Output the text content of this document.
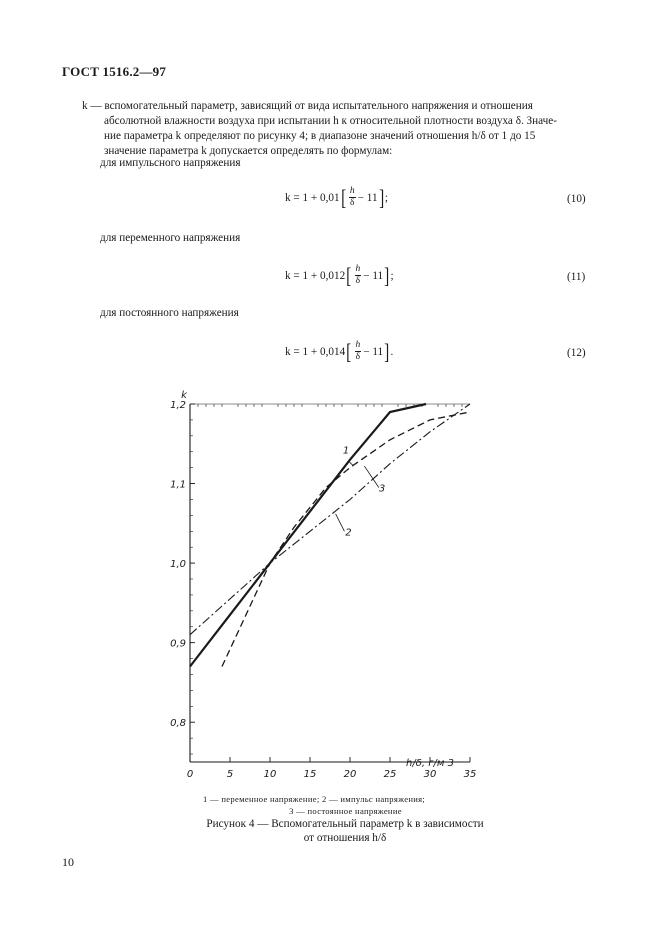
ГОСТ 1516.2—97
k — вспомогательный параметр, зависящий от вида испытательного напряжения и отношения
абсолютной влажности воздуха при испытании h к относительной плотности воздуха δ. Значе-
ние параметра k определяют по рисунку 4; в диапазоне значений отношения h/δ от 1 до 15
значение параметра k допускается определять по формулам:
для импульсного напряжения
k = 1 + 0,01 [ $\frac{h}{\delta} - 11$ ] ;	(10)
для переменного напряжения
k = 1 + 0,012 [ $\frac{h}{\delta} - 11$ ] ;	(11)
для постоянного напряжения
k = 1 + 0,014 [ $\frac{h}{\delta} - 11$ ] .	(12)
0	5	10	15	20	25	30	35
0,8
0,9
1,0
1,1
1,2
k
h/δ, г/м 3
1
2
3
1 — переменное напряжение; 2 — импульс напряжения;
3 — постоянное напряжение
Рисунок 4 — Вспомогательный параметр k в зависимости
от отношения h/δ
10
